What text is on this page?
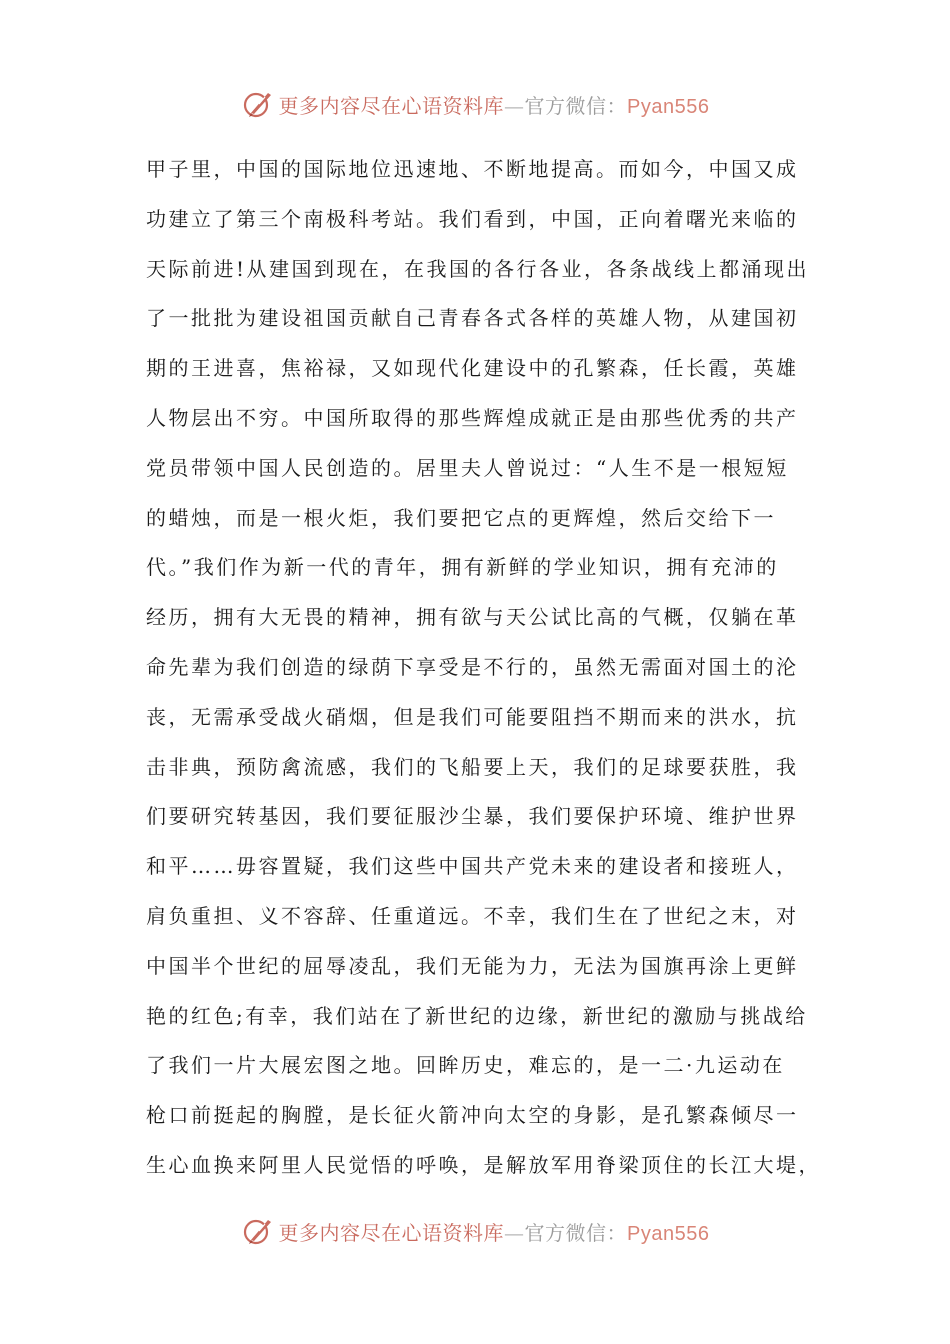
更多内容尽在心语资料库—官方微信：Pyan556
甲子里，中国的国际地位迅速地、不断地提高。而如今，中国又成
功建立了第三个南极科考站。我们看到，中国，正向着曙光来临的
天际前进!从建国到现在，在我国的各行各业，各条战线上都涌现出
了一批批为建设祖国贡献自己青春各式各样的英雄人物，从建国初
期的王进喜，焦裕禄，又如现代化建设中的孔繁森，任长霞，英雄
人物层出不穷。中国所取得的那些辉煌成就正是由那些优秀的共产
党员带领中国人民创造的。居里夫人曾说过：“人生不是一根短短
的蜡烛，而是一根火炬，我们要把它点的更辉煌，然后交给下一
代。”我们作为新一代的青年，拥有新鲜的学业知识，拥有充沛的
经历，拥有大无畏的精神，拥有欲与天公试比高的气概，仅躺在革
命先辈为我们创造的绿荫下享受是不行的，虽然无需面对国土的沦
丧，无需承受战火硝烟，但是我们可能要阻挡不期而来的洪水，抗
击非典，预防禽流感，我们的飞船要上天，我们的足球要获胜，我
们要研究转基因，我们要征服沙尘暴，我们要保护环境、维护世界
和平……毋容置疑，我们这些中国共产党未来的建设者和接班人，
肩负重担、义不容辞、任重道远。不幸，我们生在了世纪之末，对
中国半个世纪的屈辱凌乱，我们无能为力，无法为国旗再涂上更鲜
艳的红色;有幸，我们站在了新世纪的边缘，新世纪的激励与挑战给
了我们一片大展宏图之地。回眸历史，难忘的，是一二·九运动在
枪口前挺起的胸膛，是长征火箭冲向太空的身影，是孔繁森倾尽一
生心血换来阿里人民觉悟的呼唤，是解放军用脊梁顶住的长江大堤，
更多内容尽在心语资料库—官方微信：Pyan556
